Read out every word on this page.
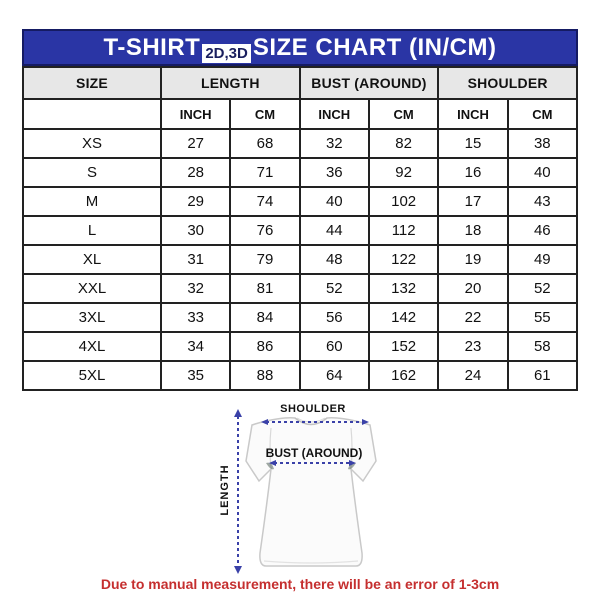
T-SHIRT 2D,3D SIZE CHART (IN/CM)
SIZE	LENGTH		BUST (AROUND)		SHOULDER	
	INCH	CM	INCH	CM	INCH	CM
XS	27	68	32	82	15	38
S	28	71	36	92	16	40
M	29	74	40	102	17	43
L	30	76	44	112	18	46
XL	31	79	48	122	19	49
XXL	32	81	52	132	20	52
3XL	33	84	56	142	22	55
4XL	34	86	60	152	23	58
5XL	35	88	64	162	24	61
SHOULDER
BUST (AROUND)
LENGTH
Due to manual measurement, there will be an error of 1-3cm
